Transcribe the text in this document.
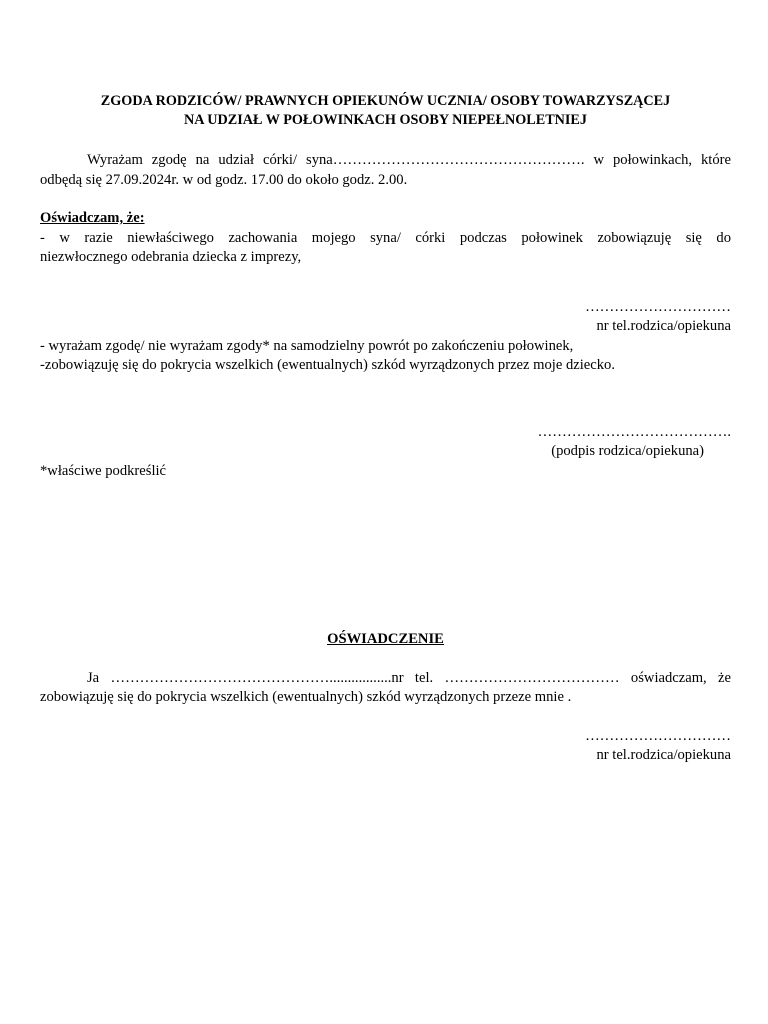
ZGODA RODZICÓW/ PRAWNYCH OPIEKUNÓW UCZNIA/ OSOBY TOWARZYSZĄCEJ
NA UDZIAŁ W POŁOWINKACH OSOBY NIEPEŁNOLETNIEJ
Wyrażam zgodę na udział córki/ syna……………………………………………. w połowinkach, które
odbędą się 27.09.2024r. w od godz. 17.00 do około godz. 2.00.
Oświadczam, że:
- w razie niewłaściwego zachowania mojego syna/ córki podczas połowinek zobowiązuję się do
niezwłocznego odebrania dziecka z imprezy,
…………………………
nr tel.rodzica/opiekuna
- wyrażam zgodę/ nie wyrażam zgody* na samodzielny powrót po zakończeniu połowinek,
-zobowiązuję się do pokrycia wszelkich (ewentualnych) szkód wyrządzonych przez moje dziecko.
………………………………….
(podpis rodzica/opiekuna)
*właściwe podkreślić
OŚWIADCZENIE
Ja ……………………………………….................nr tel. ……………………………… oświadczam, że
zobowiązuję się do pokrycia wszelkich (ewentualnych) szkód wyrządzonych przeze mnie .
…………………………
nr tel.rodzica/opiekuna
